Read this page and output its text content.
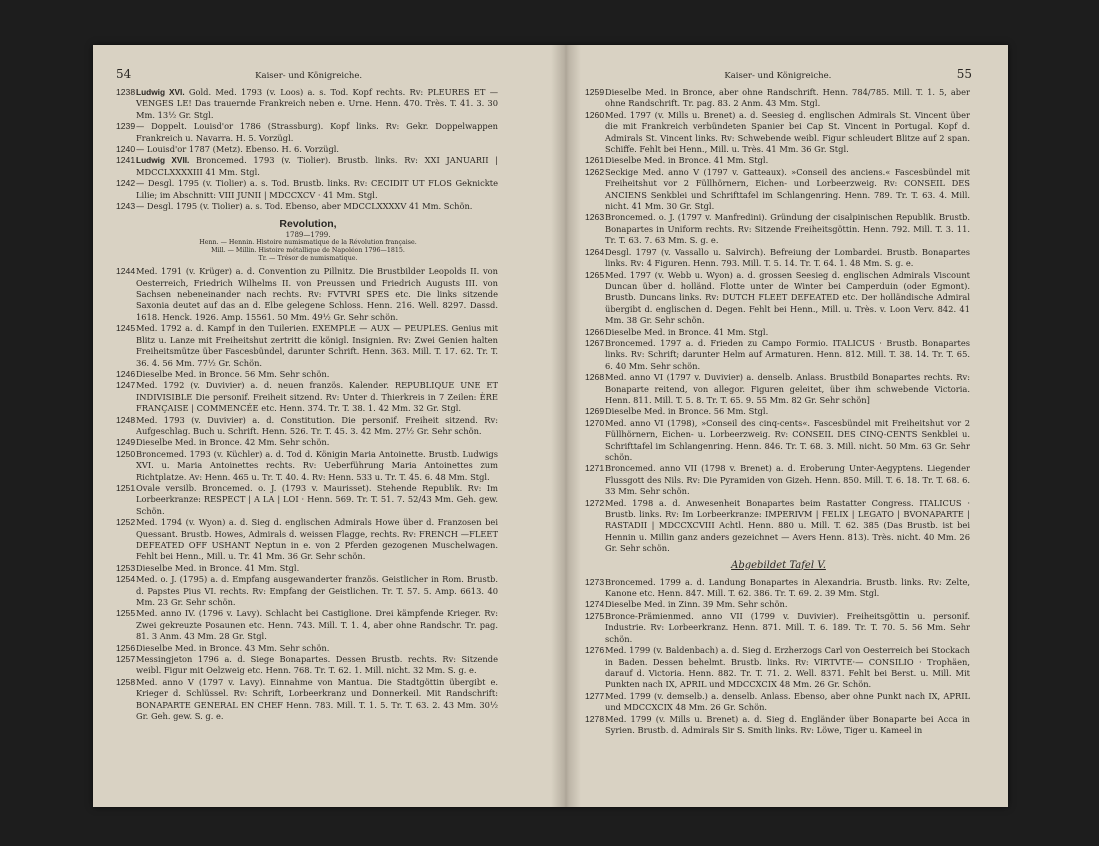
54	Kaiser- und Königreiche.
1238 Ludwig XVI. Gold. Med. 1793 (v. Loos) a. s. Tod. Kopf rechts. Rv: PLEURES ET — VENGES LE! Das trauernde Frankreich neben e. Urne. Henn. 470. Très. T. 41. 3. 30 Mm. 13½ Gr. Stgl.
1239 — Doppelt. Louisd'or 1786 (Strassburg). Kopf links. Rv: Gekr. Doppelwappen Frankreich u. Navarra. H. 5. Vorzügl.
1240 — Louisd'or 1787 (Metz). Ebenso. H. 6. Vorzügl.
1241 Ludwig XVII. Broncemed. 1793 (v. Tiolier). Brustb. links. Rv: XXI JANUARII | MDCCLXXXXIII 41 Mm. Stgl.
1242 — Desgl. 1795 (v. Tiolier) a. s. Tod. Brustb. links. Rv: CECIDIT UT FLOS Geknickte Lilie; im Abschnitt: VIII JUNII | MDCCXCV · 41 Mm. Stgl.
1243 — Desgl. 1795 (v. Tiolier) a. s. Tod. Ebenso, aber MDCCLXXXXV 41 Mm. Schön.
Revolution,
1789—1799.
Henn. — Hennin. Histoire numismatique de la Révolution française.
Mill. — Millin. Histoire métallique de Napoléon 1796—1815.
Tr. — Trésor de numismatique.
1244 Med. 1791 (v. Krüger) a. d. Convention zu Pillnitz. Die Brustbilder Leopolds II. von Oesterreich, Friedrich Wilhelms II. von Preussen und Friedrich Augusts III. von Sachsen nebeneinander nach rechts. Rv: FVTVRI SPES etc. Die links sitzende Saxonia deutet auf das an d. Elbe gelegene Schloss. Henn. 216. Well. 8297. Dassd. 1618. Henck. 1926. Amp. 15561. 50 Mm. 49½ Gr. Sehr schön.
1245 Med. 1792 a. d. Kampf in den Tuilerien. EXEMPLE — AUX — PEUPLES. Genius mit Blitz u. Lanze mit Freiheitshut zertritt die königl. Insignien. Rv: Zwei Genien halten Freiheitsmütze über Fascesbündel, darunter Schrift. Henn. 363. Mill. T. 17. 62. Tr. T. 36. 4. 56 Mm. 77½ Gr. Schön.
1246 Dieselbe Med. in Bronce. 56 Mm. Sehr schön.
1247 Med. 1792 (v. Duvivier) a. d. neuen französ. Kalender. REPUBLIQUE UNE ET INDIVISIBLE Die personif. Freiheit sitzend. Rv: Unter d. Thierkreis in 7 Zeilen: ÈRE FRANÇAISE | COMMENCÉE etc. Henn. 374. Tr. T. 38. 1. 42 Mm. 32 Gr. Stgl.
1248 Med. 1793 (v. Duvivier) a. d. Constitution. Die personif. Freiheit sitzend. Rv: Aufgeschlag. Buch u. Schrift. Henn. 526. Tr. T. 45. 3. 42 Mm. 27½ Gr. Sehr schön.
1249 Dieselbe Med. in Bronce. 42 Mm. Sehr schön.
1250 Broncemed. 1793 (v. Küchler) a. d. Tod d. Königin Maria Antoinette. Brustb. Ludwigs XVI. u. Maria Antoinettes rechts. Rv: Ueberführung Maria Antoinettes zum Richtplatze. Av: Henn. 465 u. Tr. T. 40. 4. Rv: Henn. 533 u. Tr. T. 45. 6. 48 Mm. Stgl.
1251 Ovale versilb. Broncemed. o. J. (1793 v. Maurisset). Stehende Republik. Rv: Im Lorbeerkranze: RESPECT | A LA | LOI · Henn. 569. Tr. T. 51. 7. 52/43 Mm. Geh. gew. Schön.
1252 Med. 1794 (v. Wyon) a. d. Sieg d. englischen Admirals Howe über d. Franzosen bei Quessant. Brustb. Howes, Admirals d. weissen Flagge, rechts. Rv: FRENCH —FLEET DEFEATED OFF USHANT Neptun in e. von 2 Pferden gezogenen Muschelwagen. Fehlt bei Henn., Mill. u. Tr. 41 Mm. 36 Gr. Sehr schön.
1253 Dieselbe Med. in Bronce. 41 Mm. Stgl.
1254 Med. o. J. (1795) a. d. Empfang ausgewanderter französ. Geistlicher in Rom. Brustb. d. Papstes Pius VI. rechts. Rv: Empfang der Geistlichen. Tr. T. 57. 5. Amp. 6613. 40 Mm. 23 Gr. Sehr schön.
1255 Med. anno IV. (1796 v. Lavy). Schlacht bei Castiglione. Drei kämpfende Krieger. Rv: Zwei gekreuzte Posaunen etc. Henn. 743. Mill. T. 1. 4, aber ohne Randschr. Tr. pag. 81. 3 Anm. 43 Mm. 28 Gr. Stgl.
1256 Dieselbe Med. in Bronce. 43 Mm. Sehr schön.
1257 Messingjeton 1796 a. d. Siege Bonapartes. Dessen Brustb. rechts. Rv: Sitzende weibl. Figur mit Oelzweig etc. Henn. 768. Tr. T. 62. 1. Mill. nicht. 32 Mm. S. g. e.
1258 Med. anno V (1797 v. Lavy). Einnahme von Mantua. Die Stadtgöttin übergibt e. Krieger d. Schlüssel. Rv: Schrift, Lorbeerkranz und Donnerkeil. Mit Randschrift: BONAPARTE GENERAL EN CHEF Henn. 783. Mill. T. 1. 5. Tr. T. 63. 2. 43 Mm. 30½ Gr. Geh. gew. S. g. e.
Kaiser- und Königreiche.	55
1259 Dieselbe Med. in Bronce, aber ohne Randschrift. Henn. 784/785. Mill. T. 1. 5, aber ohne Randschrift. Tr. pag. 83. 2 Anm. 43 Mm. Stgl.
1260 Med. 1797 (v. Mills u. Brenet) a. d. Seesieg d. englischen Admirals St. Vincent über die mit Frankreich verbündeten Spanier bei Cap St. Vincent in Portugal. Kopf d. Admirals St. Vincent links. Rv: Schwebende weibl. Figur schleudert Blitze auf 2 span. Schiffe. Fehlt bei Henn., Mill. u. Très. 41 Mm. 36 Gr. Stgl.
1261 Dieselbe Med. in Bronce. 41 Mm. Stgl.
1262 Seckige Med. anno V (1797 v. Gatteaux). »Conseil des anciens.« Fascesbündel mit Freiheitshut vor 2 Füllhörnern, Eichen- und Lorbeerzweig. Rv: CONSEIL DES ANCIENS Senkblei und Schrifttafel im Schlangenring. Henn. 789. Tr. T. 63. 4. Mill. nicht. 41 Mm. 30 Gr. Stgl.
1263 Broncemed. o. J. (1797 v. Manfredini). Gründung der cisalpinischen Republik. Brustb. Bonapartes in Uniform rechts. Rv: Sitzende Freiheitsgöttin. Henn. 792. Mill. T. 3. 11. Tr. T. 63. 7. 63 Mm. S. g. e.
1264 Desgl. 1797 (v. Vassallo u. Salvirch). Befreiung der Lombardei. Brustb. Bonapartes links. Rv: 4 Figuren. Henn. 793. Mill. T. 5. 14. Tr. T. 64. 1. 48 Mm. S. g. e.
1265 Med. 1797 (v. Webb u. Wyon) a. d. grossen Seesieg d. englischen Admirals Viscount Duncan über d. holländ. Flotte unter de Winter bei Camperduin (oder Egmont). Brustb. Duncans links. Rv: DUTCH FLEET DEFEATED etc. Der holländische Admiral übergibt d. englischen d. Degen. Fehlt bei Henn., Mill. u. Très. v. Loon Verv. 842. 41 Mm. 38 Gr. Sehr schön.
1266 Dieselbe Med. in Bronce. 41 Mm. Stgl.
1267 Broncemed. 1797 a. d. Frieden zu Campo Formio. ITALICUS · Brustb. Bonapartes links. Rv: Schrift; darunter Helm auf Armaturen. Henn. 812. Mill. T. 38. 14. Tr. T. 65. 6. 40 Mm. Sehr schön.
1268 Med. anno VI (1797 v. Duvivier) a. denselb. Anlass. Brustbild Bonapartes rechts. Rv: Bonaparte reitend, von allegor. Figuren geleitet, über ihm schwebende Victoria. Henn. 811. Mill. T. 5. 8. Tr. T. 65. 9. 55 Mm. 82 Gr. Sehr schön]
1269 Dieselbe Med. in Bronce. 56 Mm. Stgl.
1270 Med. anno VI (1798), »Conseil des cinq-cents«. Fascesbündel mit Freiheitshut vor 2 Füllhörnern, Eichen- u. Lorbeerzweig. Rv: CONSEIL DES CINQ-CENTS Senkblei u. Schrifttafel im Schlangenring. Henn. 846. Tr. T. 68. 3. Mill. nicht. 50 Mm. 63 Gr. Sehr schön.
1271 Broncemed. anno VII (1798 v. Brenet) a. d. Eroberung Unter-Aegyptens. Liegender Flussgott des Nils. Rv: Die Pyramiden von Gizeh. Henn. 850. Mill. T. 6. 18. Tr. T. 68. 6. 33 Mm. Sehr schön.
1272 Med. 1798 a. d. Anwesenheit Bonapartes beim Rastatter Congress. ITALICUS · Brustb. links. Rv: Im Lorbeerkranze: IMPERIVM | FELIX | LEGATO | BVONAPARTE | RASTADII | MDCCXCVIII Achtl. Henn. 880 u. Mill. T. 62. 385 (Das Brustb. ist bei Hennin u. Millin ganz anders gezeichnet — Avers Henn. 813). Très. nicht. 40 Mm. 26 Gr. Sehr schön.
Abgebildet Tafel V.
1273 Broncemed. 1799 a. d. Landung Bonapartes in Alexandria. Brustb. links. Rv: Zelte, Kanone etc. Henn. 847. Mill. T. 62. 386. Tr. T. 69. 2. 39 Mm. Stgl.
1274 Dieselbe Med. in Zinn. 39 Mm. Sehr schön.
1275 Bronce-Prämienmed. anno VII (1799 v. Duvivier). Freiheitsgöttin u. personif. Industrie. Rv: Lorbeerkranz. Henn. 871. Mill. T. 6. 189. Tr. T. 70. 5. 56 Mm. Sehr schön.
1276 Med. 1799 (v. Baldenbach) a. d. Sieg d. Erzherzogs Carl von Oesterreich bei Stockach in Baden. Dessen behelmt. Brustb. links. Rv: VIRTVTE·— CONSILIO · Trophäen, darauf d. Victoria. Henn. 882. Tr. T. 71. 2. Well. 8371. Fehlt bei Berst. u. Mill. Mit Punkten nach IX, APRIL und MDCCXCIX 48 Mm. 26 Gr. Schön.
1277 Med. 1799 (v. demselb.) a. denselb. Anlass. Ebenso, aber ohne Punkt nach IX, APRIL und MDCCXCIX 48 Mm. 26 Gr. Schön.
1278 Med. 1799 (v. Mills u. Brenet) a. d. Sieg d. Engländer über Bonaparte bei Acca in Syrien. Brustb. d. Admirals Sir S. Smith links. Rv: Löwe, Tiger u. Kameel in
